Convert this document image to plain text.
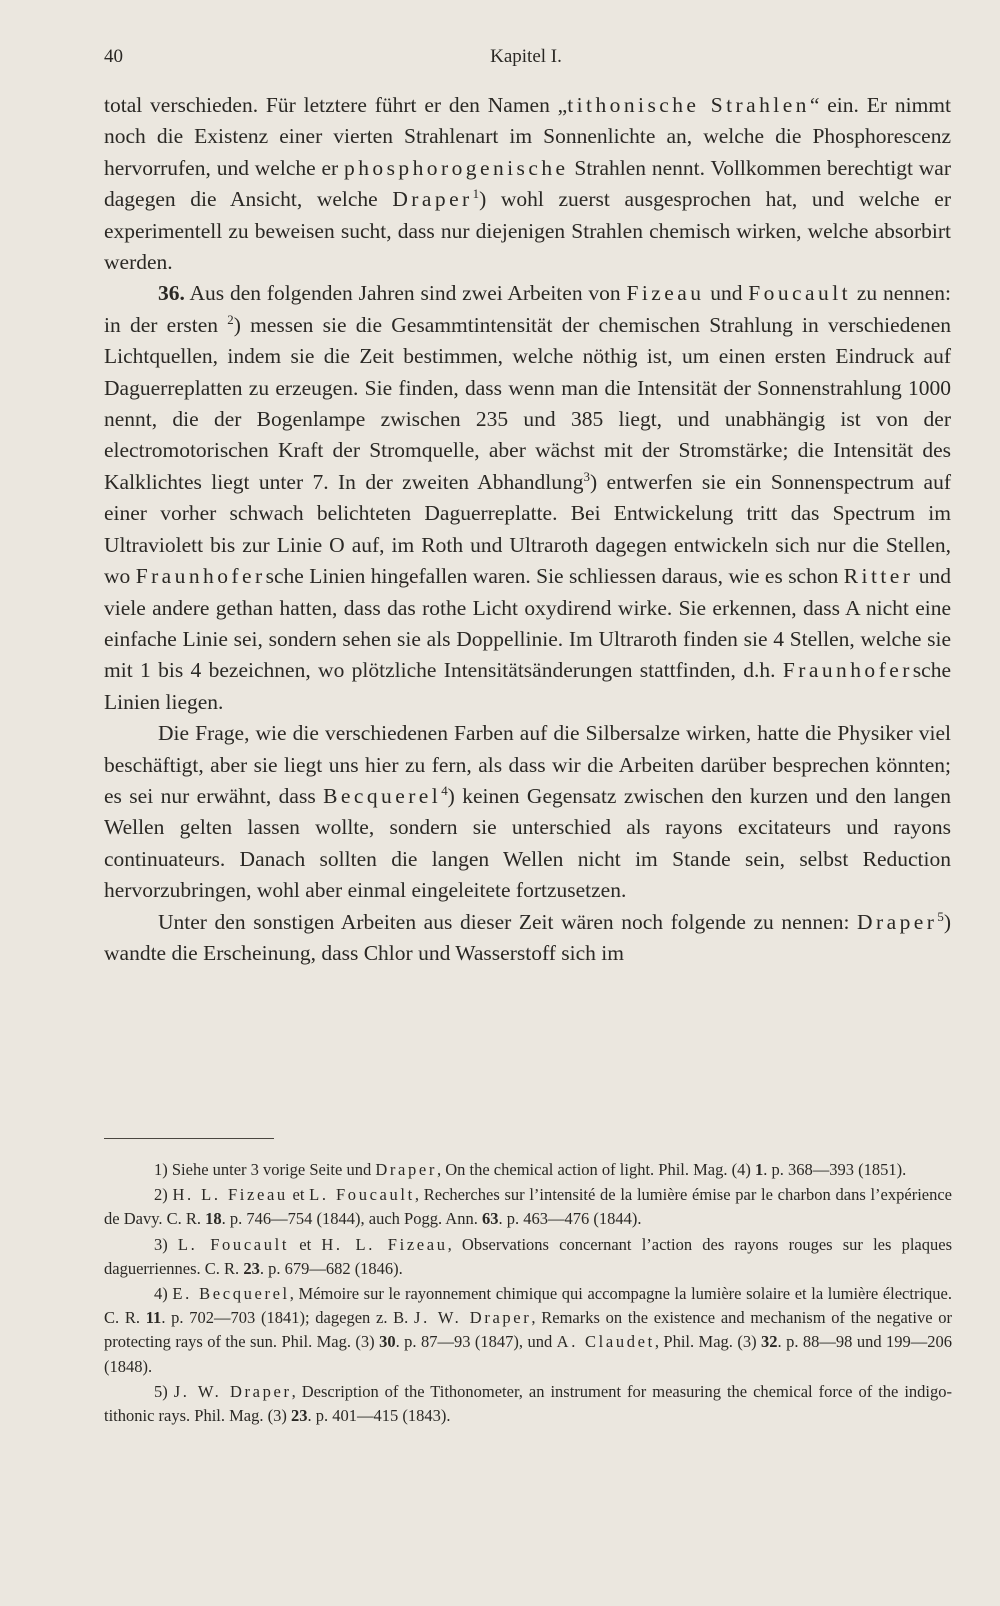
40	Kapitel I.

total verschieden. Für letztere führt er den Namen „tithonische Strahlen“ ein. Er nimmt noch die Existenz einer vierten Strahlenart im Sonnenlichte an, welche die Phosphorescenz hervorrufen, und welche er phosphorogenische Strahlen nennt. Vollkommen berechtigt war dagegen die Ansicht, welche Draper$^1$) wohl zuerst ausgesprochen hat, und welche er experimentell zu beweisen sucht, dass nur diejenigen Strahlen chemisch wirken, welche absorbirt werden.

36. Aus den folgenden Jahren sind zwei Arbeiten von Fizeau und Foucault zu nennen: in der ersten $^2$) messen sie die Gesammtintensität der chemischen Strahlung in verschiedenen Lichtquellen, indem sie die Zeit bestimmen, welche nöthig ist, um einen ersten Eindruck auf Daguerreplatten zu erzeugen. Sie finden, dass wenn man die Intensität der Sonnenstrahlung 1000 nennt, die der Bogenlampe zwischen 235 und 385 liegt, und unabhängig ist von der electromotorischen Kraft der Stromquelle, aber wächst mit der Stromstärke; die Intensität des Kalklichtes liegt unter 7. In der zweiten Abhandlung$^3$) entwerfen sie ein Sonnenspectrum auf einer vorher schwach belichteten Daguerreplatte. Bei Entwickelung tritt das Spectrum im Ultraviolett bis zur Linie O auf, im Roth und Ultraroth dagegen entwickeln sich nur die Stellen, wo Fraunhofersche Linien hingefallen waren. Sie schliessen daraus, wie es schon Ritter und viele andere gethan hatten, dass das rothe Licht oxydirend wirke. Sie erkennen, dass A nicht eine einfache Linie sei, sondern sehen sie als Doppellinie. Im Ultraroth finden sie 4 Stellen, welche sie mit 1 bis 4 bezeichnen, wo plötzliche Intensitätsänderungen stattfinden, d.h. Fraunhofersche Linien liegen.

Die Frage, wie die verschiedenen Farben auf die Silbersalze wirken, hatte die Physiker viel beschäftigt, aber sie liegt uns hier zu fern, als dass wir die Arbeiten darüber besprechen könnten; es sei nur erwähnt, dass Becquerel$^4$) keinen Gegensatz zwischen den kurzen und den langen Wellen gelten lassen wollte, sondern sie unterschied als rayons excitateurs und rayons continuateurs. Danach sollten die langen Wellen nicht im Stande sein, selbst Reduction hervorzubringen, wohl aber einmal eingeleitete fortzusetzen.

Unter den sonstigen Arbeiten aus dieser Zeit wären noch folgende zu nennen: Draper$^5$) wandte die Erscheinung, dass Chlor und Wasserstoff sich im

1) Siehe unter 3 vorige Seite und Draper, On the chemical action of light. Phil. Mag. (4) 1. p. 368—393 (1851).

2) H. L. Fizeau et L. Foucault, Recherches sur l’intensité de la lumière émise par le charbon dans l’expérience de Davy. C. R. 18. p. 746—754 (1844), auch Pogg. Ann. 63. p. 463—476 (1844).

3) L. Foucault et H. L. Fizeau, Observations concernant l’action des rayons rouges sur les plaques daguerriennes. C. R. 23. p. 679—682 (1846).

4) E. Becquerel, Mémoire sur le rayonnement chimique qui accompagne la lumière solaire et la lumière électrique. C. R. 11. p. 702—703 (1841); dagegen z. B. J. W. Draper, Remarks on the existence and mechanism of the negative or protecting rays of the sun. Phil. Mag. (3) 30. p. 87—93 (1847), und A. Claudet, Phil. Mag. (3) 32. p. 88—98 und 199—206 (1848).

5) J. W. Draper, Description of the Tithonometer, an instrument for measuring the chemical force of the indigo-tithonic rays. Phil. Mag. (3) 23. p. 401—415 (1843).
